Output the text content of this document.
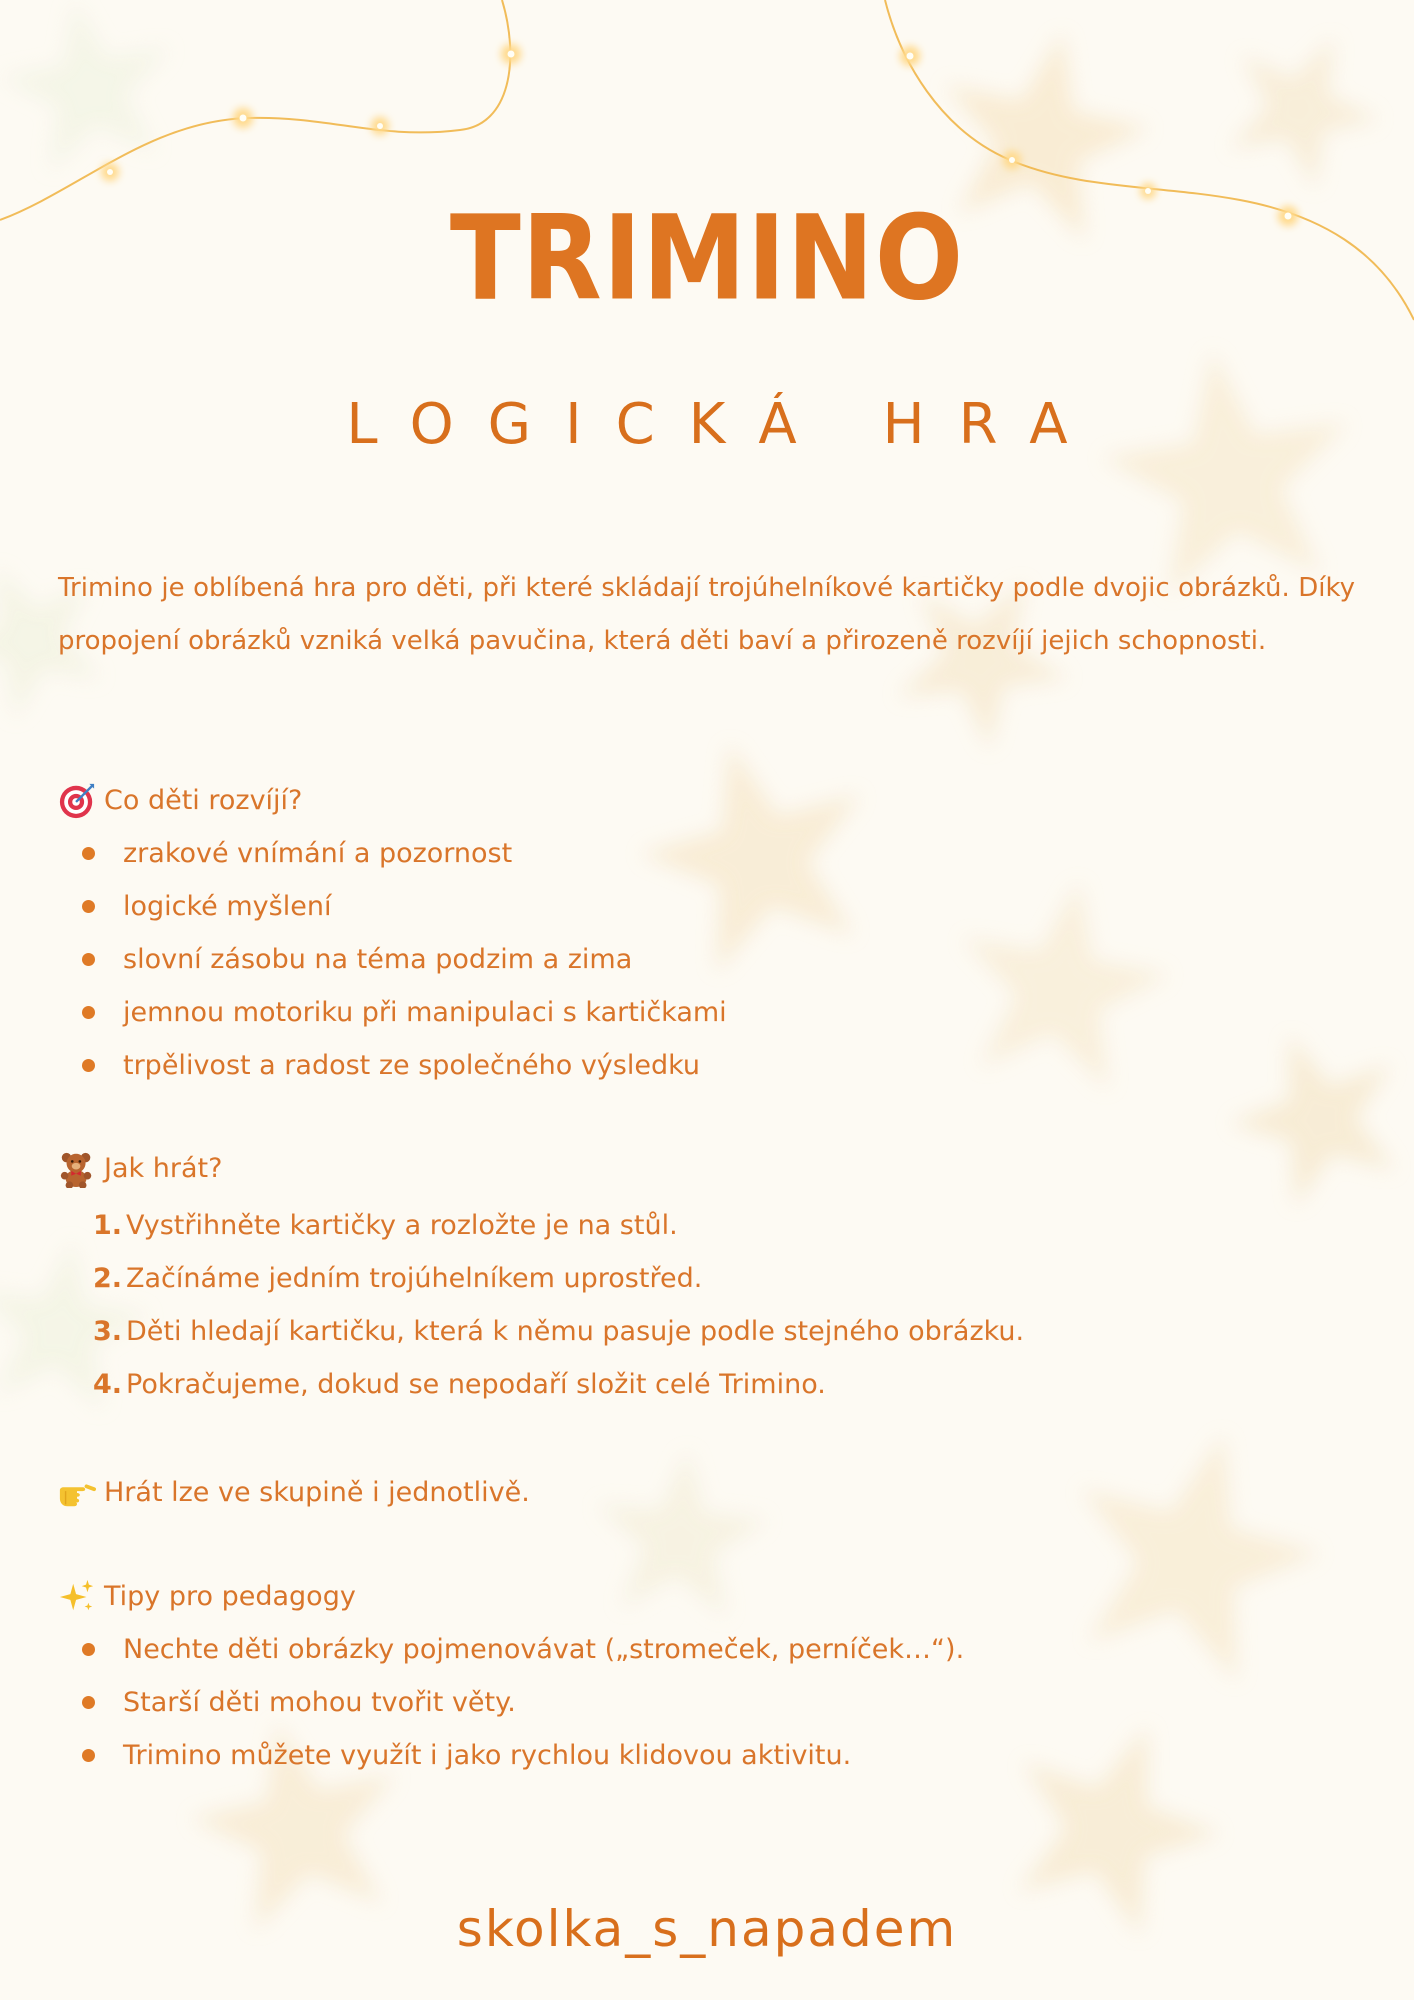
TRIMINO
LOGICKÁ HRA
Trimino je oblíbená hra pro děti, při které skládají trojúhelníkové kartičky podle dvojic obrázků. Díky propojení obrázků vzniká velká pavučina, která děti baví a přirozeně rozvíjí jejich schopnosti.
Co děti rozvíjí?
zrakové vnímání a pozornost
logické myšlení
slovní zásobu na téma podzim a zima
jemnou motoriku při manipulaci s kartičkami
trpělivost a radost ze společného výsledku
Jak hrát?
1. Vystřihněte kartičky a rozložte je na stůl.
2. Začínáme jedním trojúhelníkem uprostřed.
3. Děti hledají kartičku, která k němu pasuje podle stejného obrázku.
4. Pokračujeme, dokud se nepodaří složit celé Trimino.
Hrát lze ve skupině i jednotlivě.
Tipy pro pedagogy
Nechte děti obrázky pojmenovávat („stromeček, perníček…“).
Starší děti mohou tvořit věty.
Trimino můžete využít i jako rychlou klidovou aktivitu.
skolka_s_napadem
